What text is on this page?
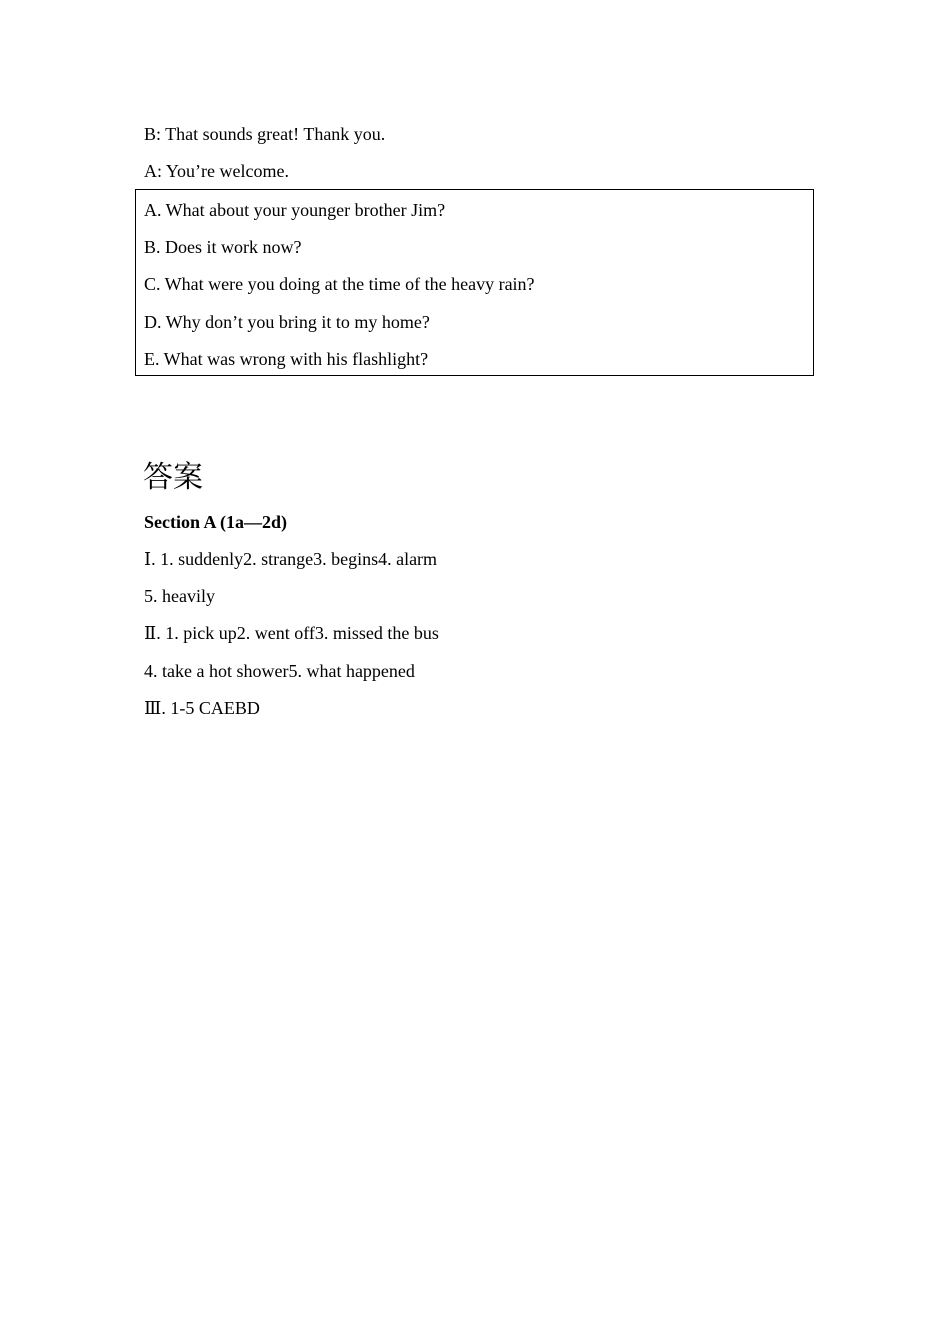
B: That sounds great! Thank you.
A: You’re welcome.
A. What about your younger brother Jim?
B. Does it work now?
C. What were you doing at the time of the heavy rain?
D. Why don’t you bring it to my home?
E. What was wrong with his flashlight?
答案
Section A (1a—2d)
Ⅰ. 1. suddenly2. strange3. begins4. alarm
5. heavily
Ⅱ. 1. pick up2. went off3. missed the bus
4. take a hot shower5. what happened
Ⅲ. 1-5 CAEBD
